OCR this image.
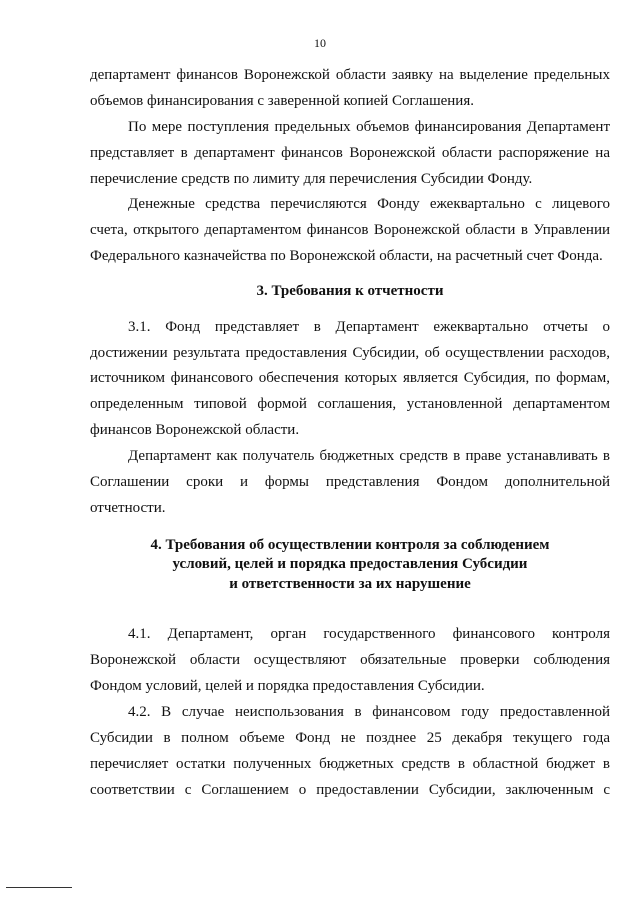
10
департамент финансов Воронежской области заявку на выделение предельных
объемов финансирования с заверенной копией Соглашения.
По мере поступления предельных объемов финансирования Департамент
представляет в департамент финансов Воронежской области распоряжение на
перечисление средств по лимиту для перечисления Субсидии Фонду.
Денежные средства перечисляются Фонду ежеквартально с лицевого
счета, открытого департаментом финансов Воронежской области в Управлении
Федерального казначейства по Воронежской области, на расчетный счет Фонда.
3. Требования к отчетности
3.1. Фонд представляет в Департамент ежеквартально отчеты о
достижении результата предоставления Субсидии, об осуществлении расходов,
источником финансового обеспечения которых является Субсидия, по формам,
определенным типовой формой соглашения, установленной департаментом
финансов Воронежской области.
Департамент как получатель бюджетных средств в праве устанавливать в
Соглашении сроки и формы представления Фондом дополнительной
отчетности.
4. Требования об осуществлении контроля за соблюдением
условий, целей и порядка предоставления Субсидии
и ответственности за их нарушение
4.1. Департамент, орган государственного финансового контроля
Воронежской области осуществляют обязательные проверки соблюдения
Фондом условий, целей и порядка предоставления Субсидии.
4.2. В случае неиспользования в финансовом году предоставленной
Субсидии в полном объеме Фонд не позднее 25 декабря текущего года
перечисляет остатки полученных бюджетных средств в областной бюджет в
соответствии с Соглашением о предоставлении Субсидии, заключенным с
